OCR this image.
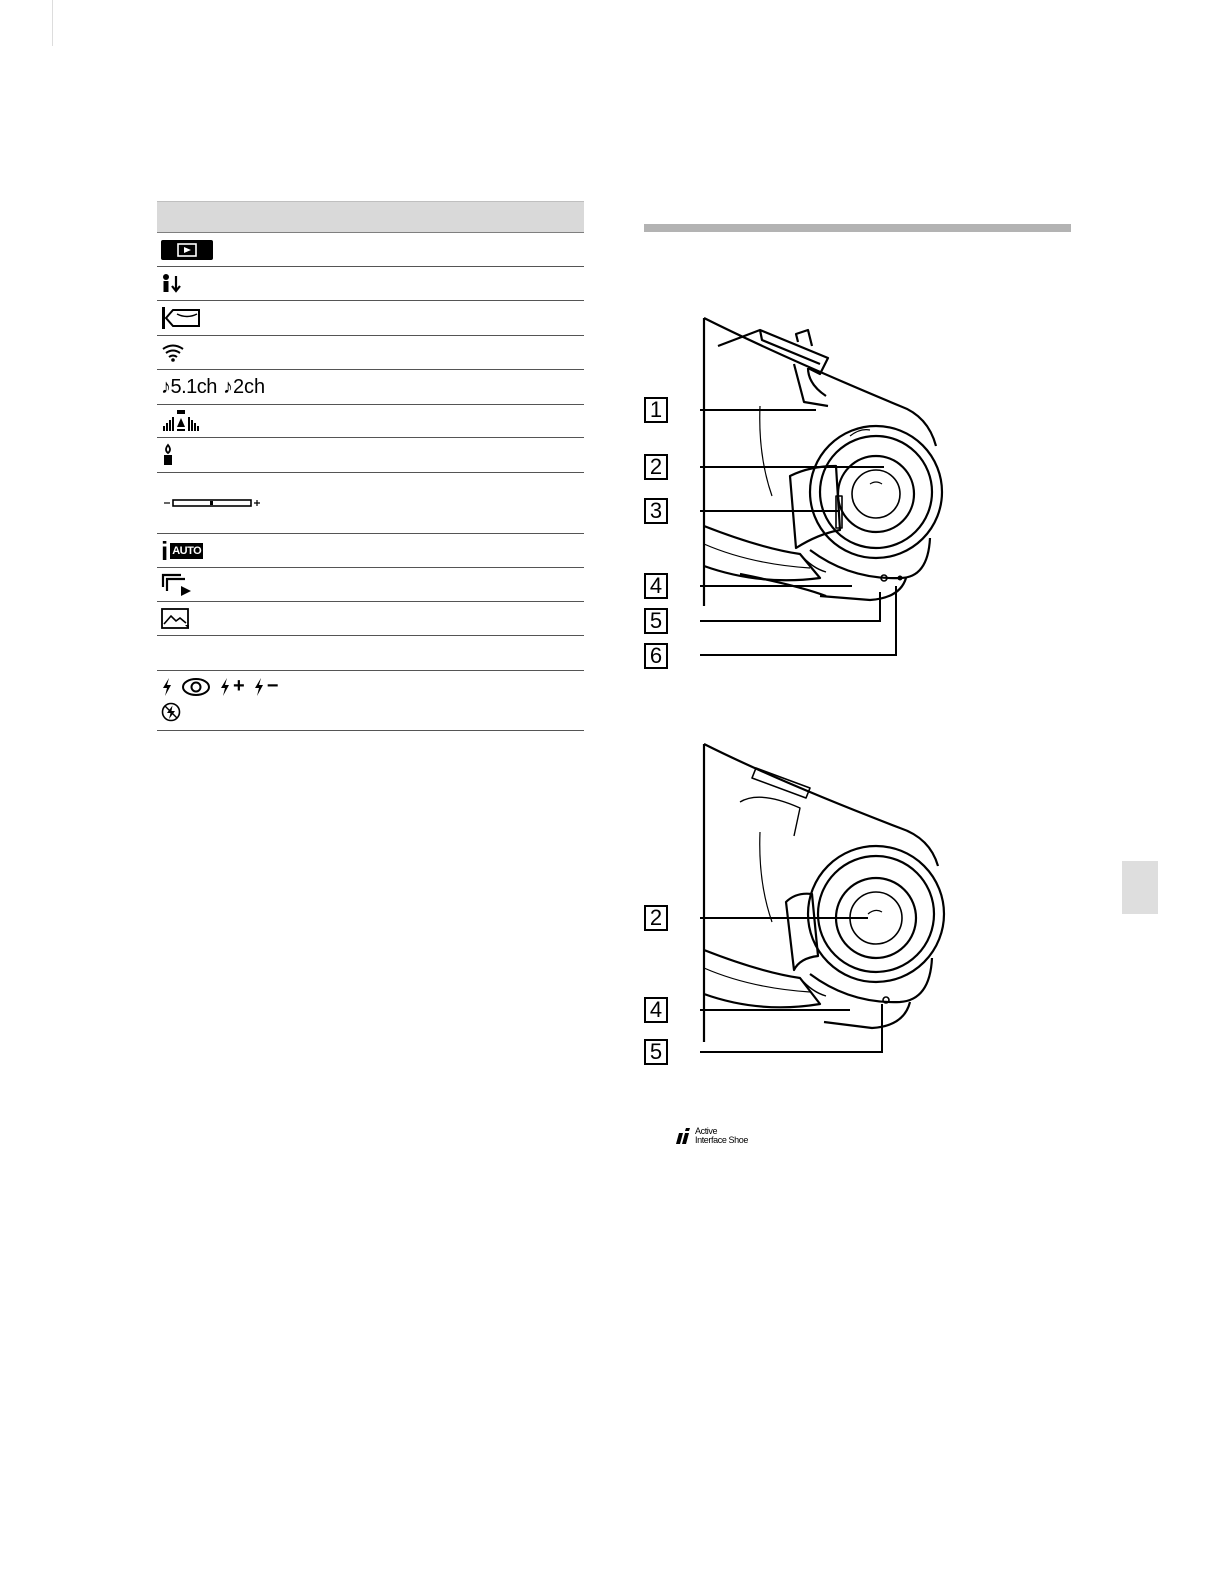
♪5.1ch ♪2ch
i AUTO
+ −
1
2
3
4
5
6
2
4
5
Active
Interface Shoe
